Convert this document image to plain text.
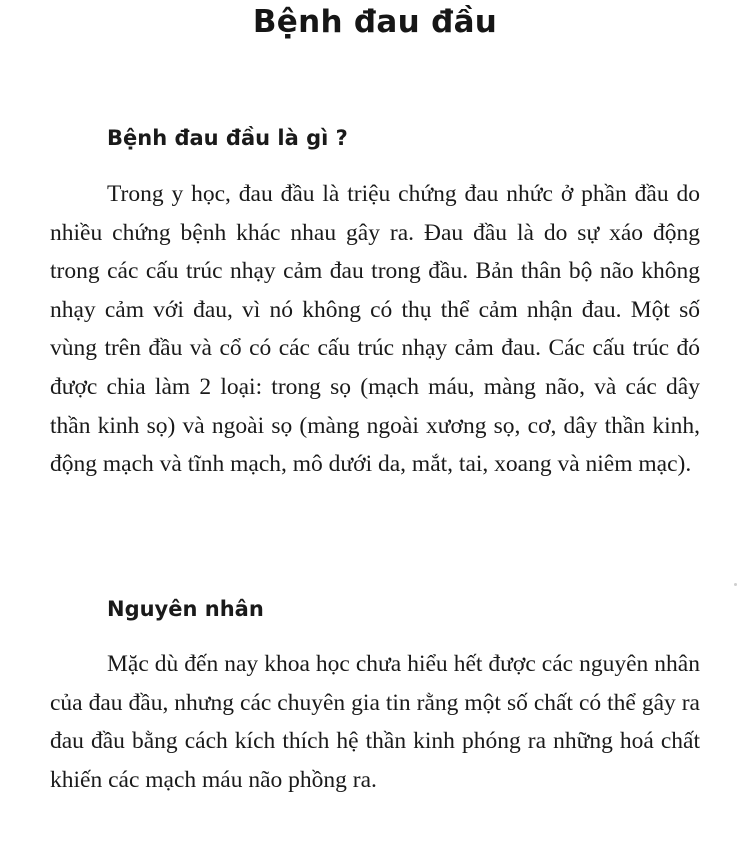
Bệnh đau đầu
Bệnh đau đầu là gì ?

Trong y học, đau đầu là triệu chứng đau nhức ở phần đầu do nhiều chứng bệnh khác nhau gây ra. Đau đầu là do sự xáo động trong các cấu trúc nhạy cảm đau trong đầu. Bản thân bộ não không nhạy cảm với đau, vì nó không có thụ thể cảm nhận đau. Một số vùng trên đầu và cổ có các cấu trúc nhạy cảm đau. Các cấu trúc đó được chia làm 2 loại: trong sọ (mạch máu, màng não, và các dây thần kinh sọ) và ngoài sọ (màng ngoài xương sọ, cơ, dây thần kinh, động mạch và tĩnh mạch, mô dưới da, mắt, tai, xoang và niêm mạc).

Nguyên nhân

Mặc dù đến nay khoa học chưa hiểu hết được các nguyên nhân của đau đầu, nhưng các chuyên gia tin rằng một số chất có thể gây ra đau đầu bằng cách kích thích hệ thần kinh phóng ra những hoá chất khiến các mạch máu não phồng ra.
